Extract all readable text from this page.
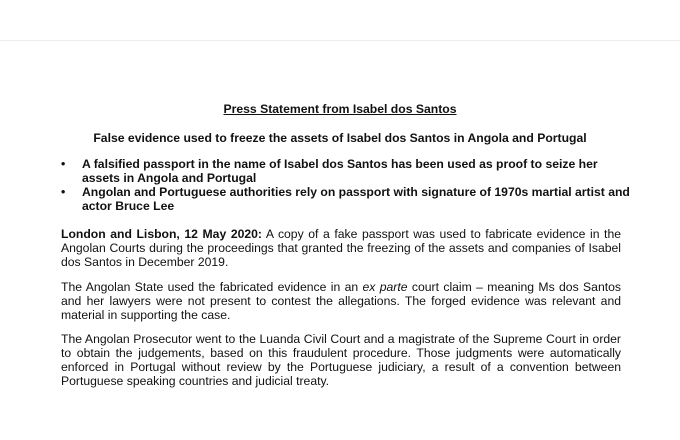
Press Statement from Isabel dos Santos
False evidence used to freeze the assets of Isabel dos Santos in Angola and Portugal
• A falsified passport in the name of Isabel dos Santos has been used as proof to seize her assets in Angola and Portugal
• Angolan and Portuguese authorities rely on passport with signature of 1970s martial artist and actor Bruce Lee

London and Lisbon, 12 May 2020: A copy of a fake passport was used to fabricate evidence in the Angolan Courts during the proceedings that granted the freezing of the assets and companies of Isabel dos Santos in December 2019.

The Angolan State used the fabricated evidence in an ex parte court claim – meaning Ms dos Santos and her lawyers were not present to contest the allegations. The forged evidence was relevant and material in supporting the case.

The Angolan Prosecutor went to the Luanda Civil Court and a magistrate of the Supreme Court in order to obtain the judgements, based on this fraudulent procedure. Those judgments were automatically enforced in Portugal without review by the Portuguese judiciary, a result of a convention between Portuguese speaking countries and judicial treaty.
